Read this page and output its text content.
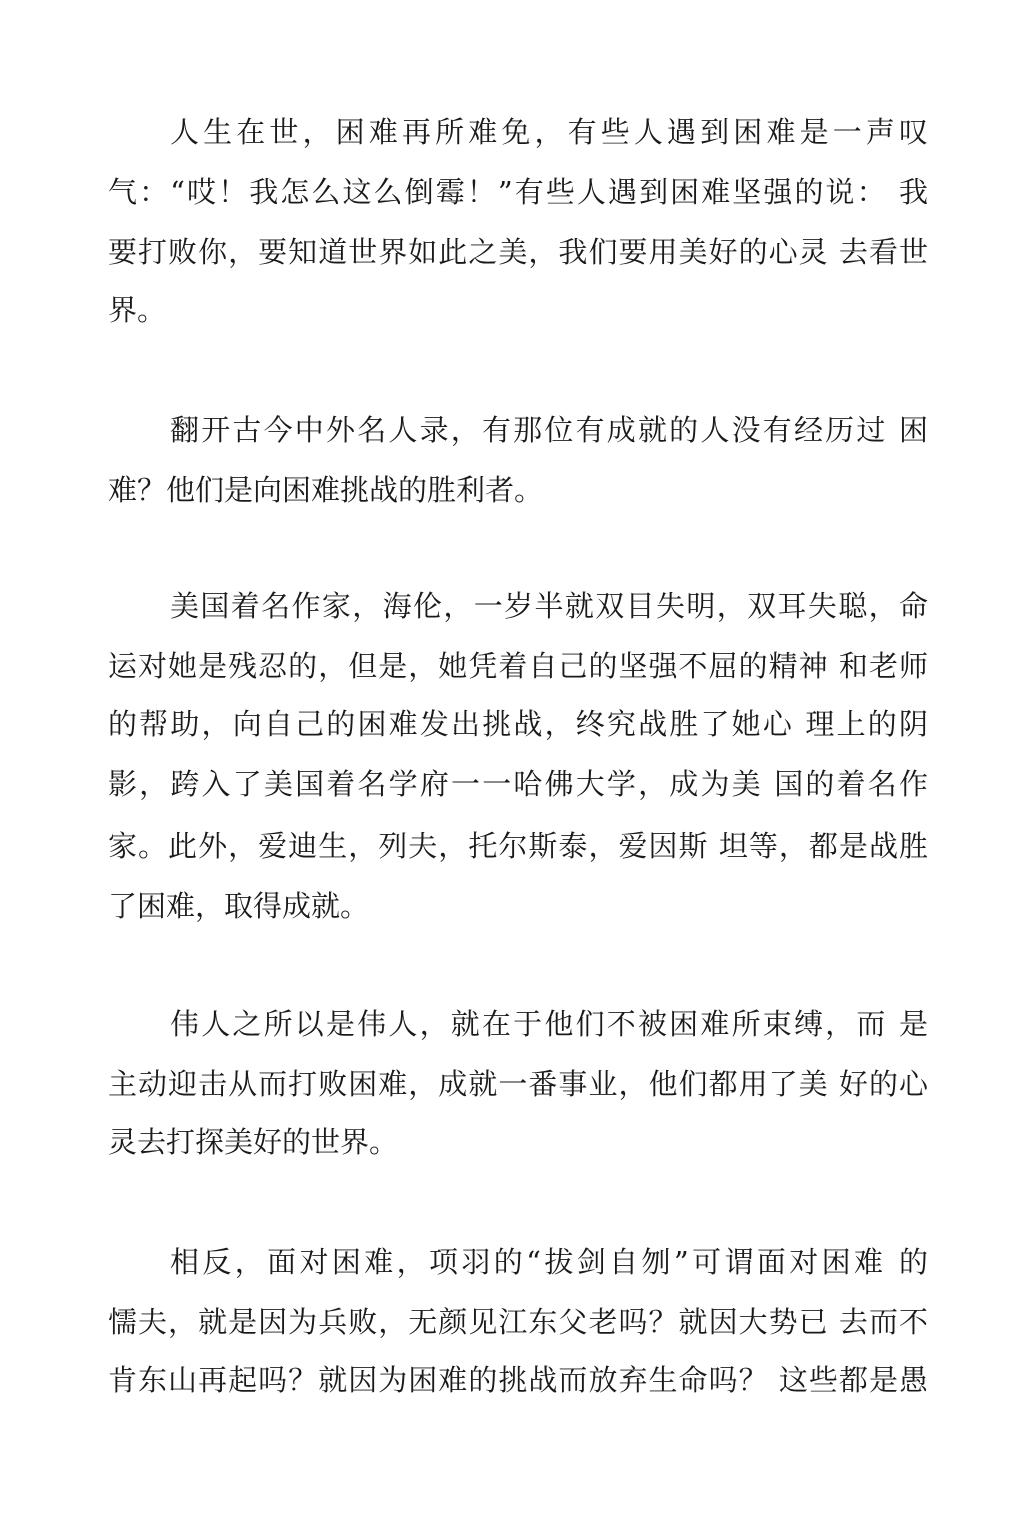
人生在世，困难再所难免，有些人遇到困难是一声叹
气：“哎！我怎么这么倒霉！”有些人遇到困难坚强的说： 我
要打败你，要知道世界如此之美，我们要用美好的心灵 去看世
界。
翻开古今中外名人录，有那位有成就的人没有经历过 困
难？他们是向困难挑战的胜利者。
美国着名作家，海伦，一岁半就双目失明，双耳失聪，命
运对她是残忍的，但是，她凭着自己的坚强不屈的精神 和老师
的帮助，向自己的困难发出挑战，终究战胜了她心 理上的阴
影，跨入了美国着名学府一一哈佛大学，成为美 国的着名作
家。此外，爱迪生，列夫，托尔斯泰，爱因斯 坦等，都是战胜
了困难，取得成就。
伟人之所以是伟人，就在于他们不被困难所束缚，而 是
主动迎击从而打败困难，成就一番事业，他们都用了美 好的心
灵去打探美好的世界。
相反，面对困难，项羽的“拔剑自刎”可谓面对困难 的
懦夫，就是因为兵败，无颜见江东父老吗？就因大势已 去而不
肯东山再起吗？就因为困难的挑战而放弃生命吗？ 这些都是愚
